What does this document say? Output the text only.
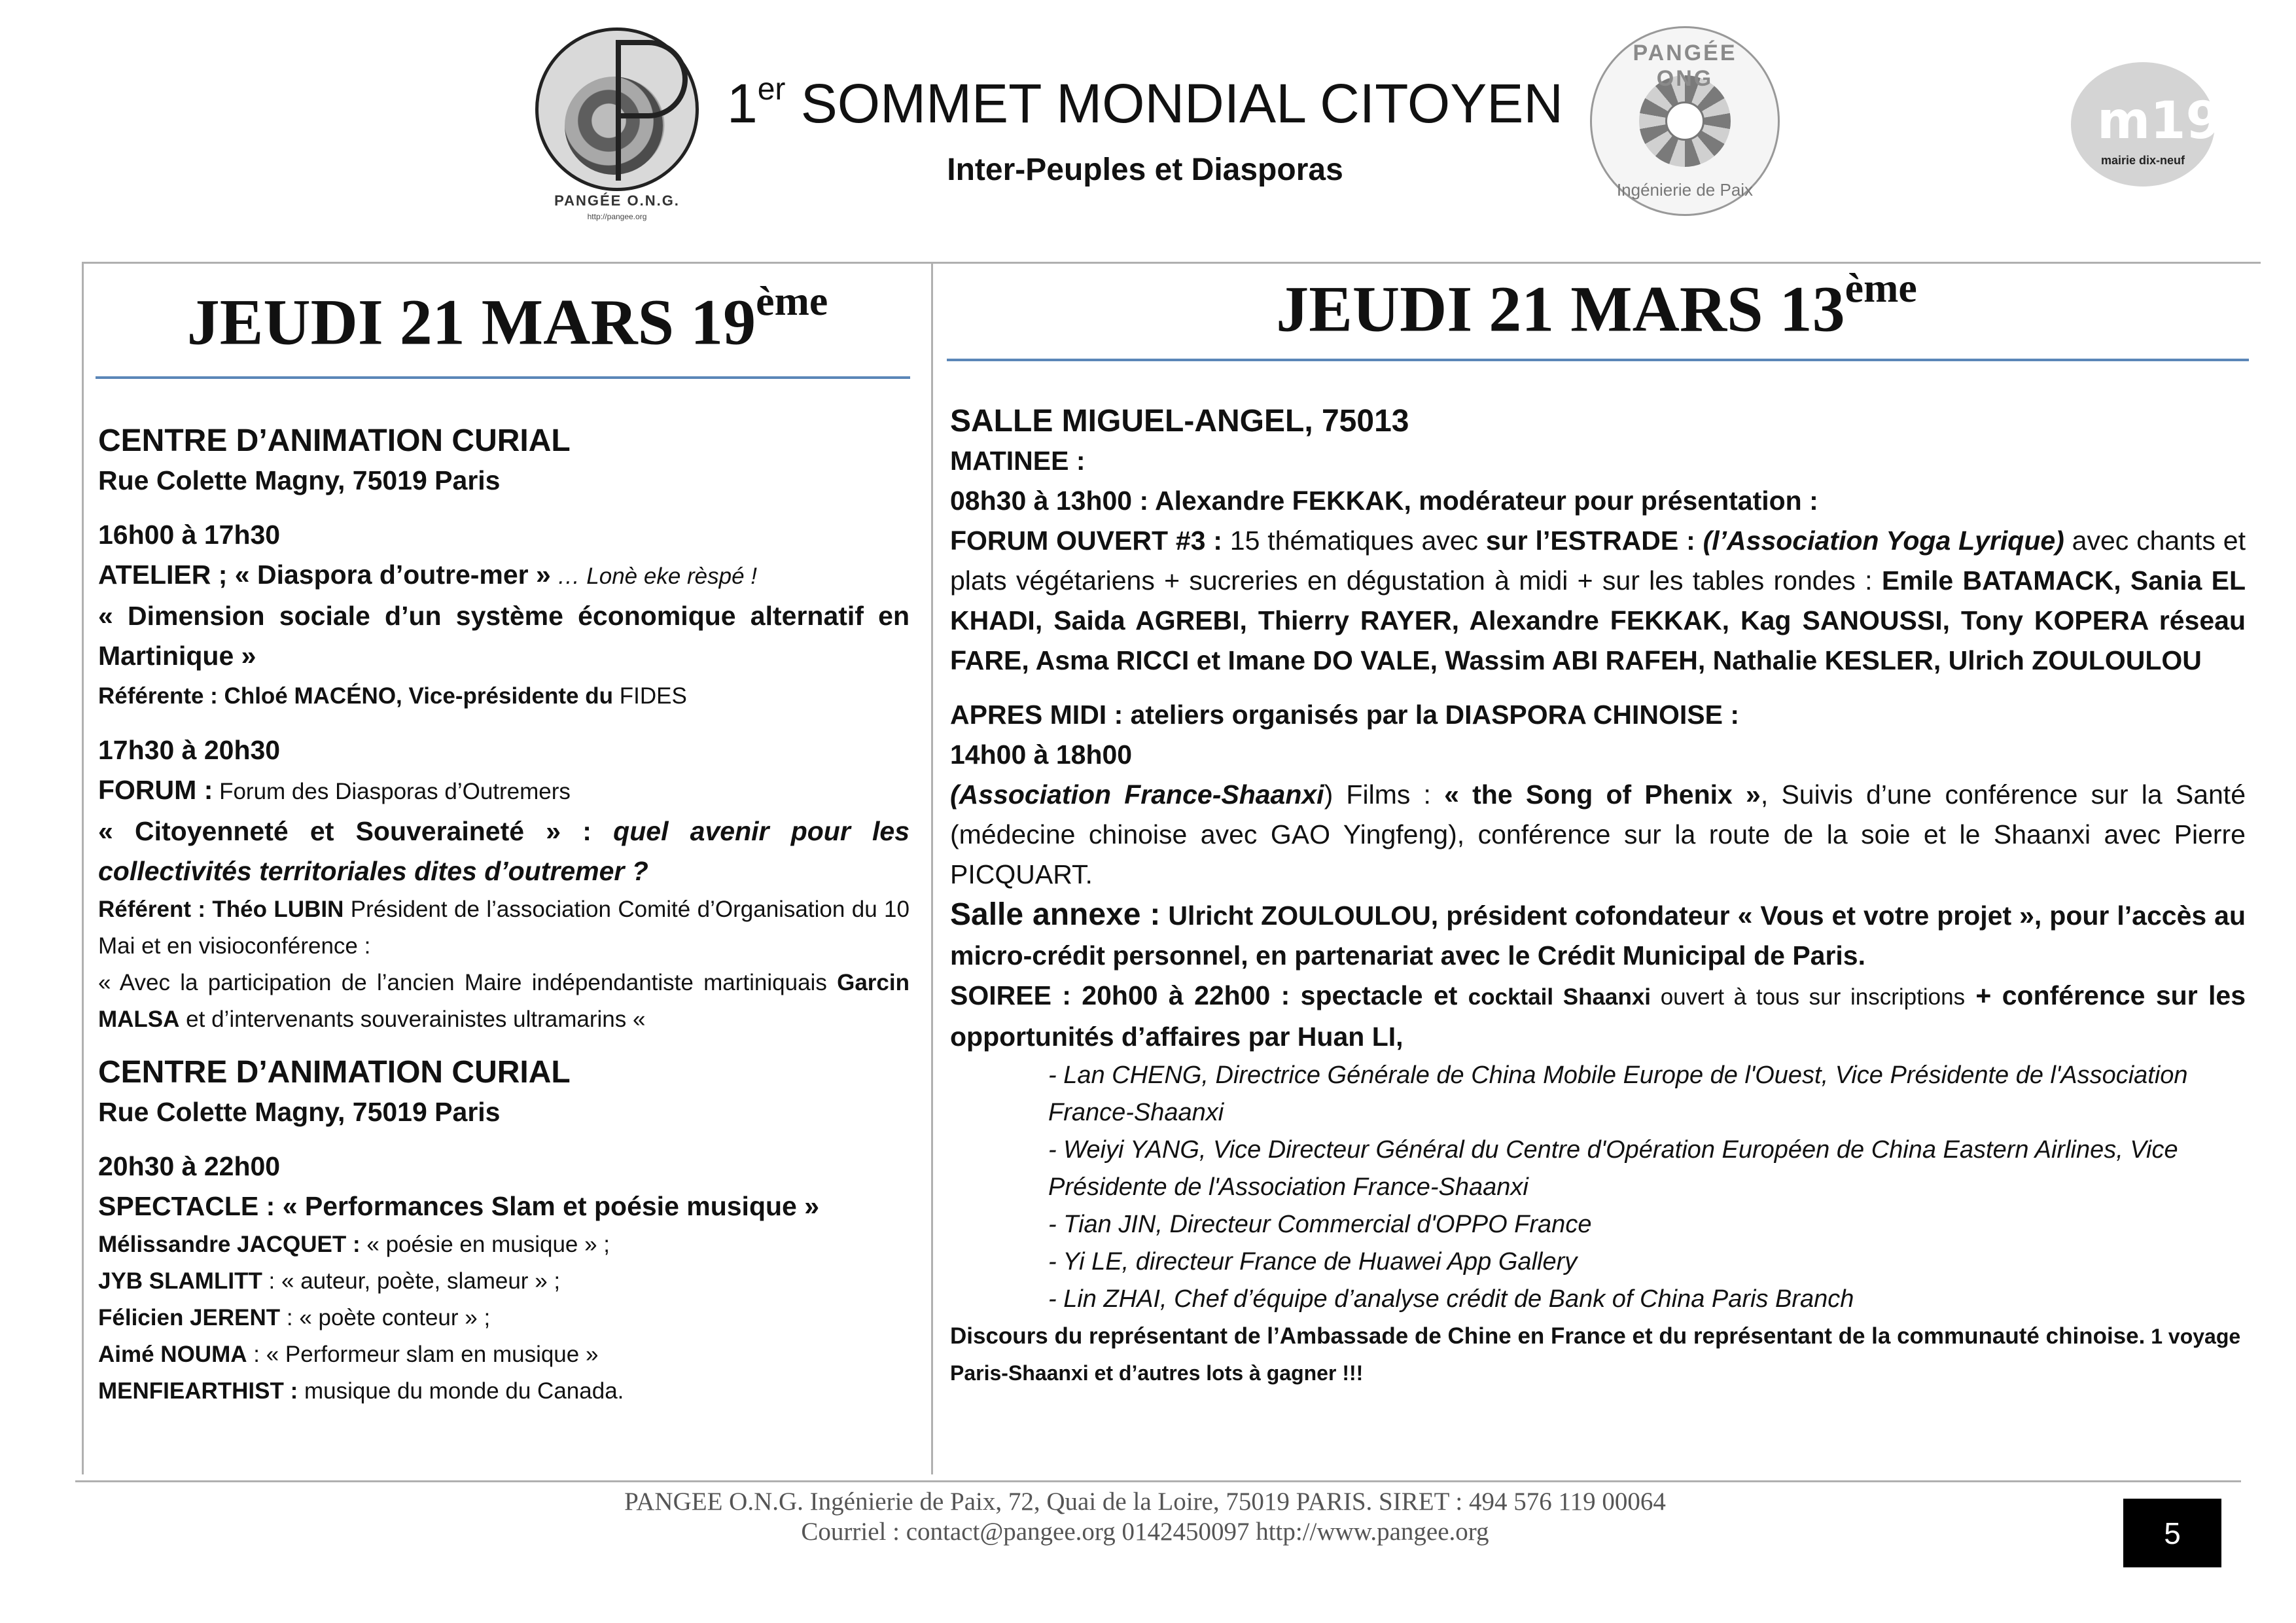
PANGÉE O.N.G.
http://pangee.org
1er SOMMET MONDIAL CITOYEN
Inter-Peuples et Diasporas
PANGÉE ONG
Ingénierie de Paix
m19°
mairie dix-neuf
JEUDI 21 MARS 19ème

CENTRE D’ANIMATION CURIAL

Rue Colette Magny, 75019 Paris

16h00 à 17h30

ATELIER ; « Diaspora d’outre-mer » … Lonè eke rèspé !

« Dimension sociale d’un système économique alternatif en Martinique »

Référente : Chloé MACÉNO, Vice-présidente du FIDES

17h30 à 20h30

FORUM : Forum des Diasporas d’Outremers

« Citoyenneté et Souveraineté » : quel avenir pour les collectivités territoriales dites d’outremer ?

Référent : Théo LUBIN Président de l’association Comité d’Organisation du 10 Mai et en visioconférence :

« Avec la participation de l’ancien Maire indépendantiste martiniquais Garcin MALSA et d’intervenants souverainistes ultramarins «

CENTRE D’ANIMATION CURIAL

Rue Colette Magny, 75019 Paris

20h30 à 22h00

SPECTACLE : « Performances Slam et poésie musique »

Mélissandre JACQUET : « poésie en musique » ;

JYB SLAMLITT : « auteur, poète, slameur » ;

Félicien JERENT : « poète conteur » ;

Aimé NOUMA : « Performeur slam en musique »

MENFIEARTHIST : musique du monde du Canada.

JEUDI 21 MARS 13ème

SALLE MIGUEL-ANGEL, 75013

MATINEE :

08h30 à 13h00 : Alexandre FEKKAK, modérateur pour présentation :

FORUM OUVERT #3 : 15 thématiques avec sur l’ESTRADE : (l’Association Yoga Lyrique) avec chants et plats végétariens + sucreries en dégustation à midi + sur les tables rondes : Emile BATAMACK, Sania EL KHADI, Saida AGREBI, Thierry RAYER, Alexandre FEKKAK, Kag SANOUSSI, Tony KOPERA réseau FARE, Asma RICCI et Imane DO VALE, Wassim ABI RAFEH, Nathalie KESLER, Ulrich ZOULOULOU

APRES MIDI : ateliers organisés par la DIASPORA CHINOISE :

14h00 à 18h00

(Association France-Shaanxi) Films : « the Song of Phenix », Suivis d’une conférence sur la Santé (médecine chinoise avec GAO Yingfeng), conférence sur la route de la soie et le Shaanxi avec Pierre PICQUART.

Salle annexe : Ulricht ZOULOULOU, président cofondateur « Vous et votre projet », pour l’accès au micro-crédit personnel, en partenariat avec le Crédit Municipal de Paris.

SOIREE : 20h00 à 22h00 : spectacle et cocktail Shaanxi ouvert à tous sur inscriptions + conférence sur les opportunités d’affaires par Huan LI,

- Lan CHENG, Directrice Générale de China Mobile Europe de l'Ouest, Vice Présidente de l'Association France-Shaanxi

- Weiyi YANG, Vice Directeur Général du Centre d'Opération Européen de China Eastern Airlines, Vice Présidente de l'Association France-Shaanxi

- Tian JIN, Directeur Commercial d'OPPO France

- Yi LE, directeur France de Huawei App Gallery

- Lin ZHAI, Chef d’équipe d’analyse crédit de Bank of China Paris Branch

Discours du représentant de l’Ambassade de Chine en France et du représentant de la communauté chinoise. 1 voyage Paris-Shaanxi et d’autres lots à gagner !!!

PANGEE O.N.G. Ingénierie de Paix, 72, Quai de la Loire, 75019 PARIS. SIRET : 494 576 119 00064
Courriel : contact@pangee.org 0142450097 http://www.pangee.org	5
